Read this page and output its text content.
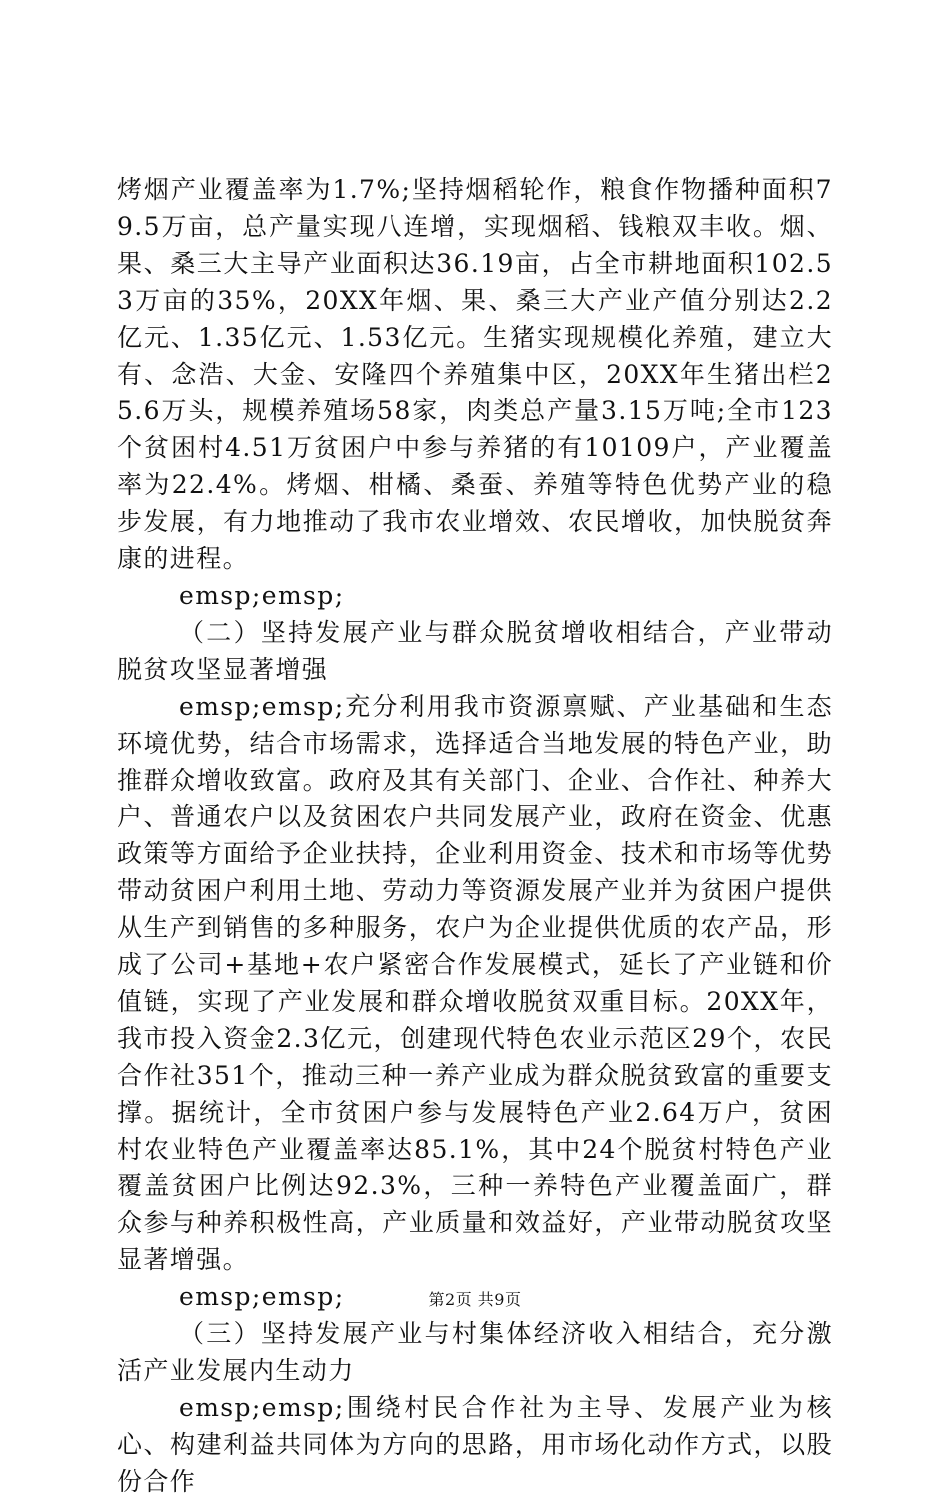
烤烟产业覆盖率为1.7%;坚持烟稻轮作，粮食作物播种面积79.5万亩，总产量实现八连增，实现烟稻、钱粮双丰收。烟、果、桑三大主导产业面积达36.19亩，占全市耕地面积102.53万亩的35%，20XX年烟、果、桑三大产业产值分别达2.2亿元、1.35亿元、1.53亿元。生猪实现规模化养殖，建立大有、念浩、大金、安隆四个养殖集中区，20XX年生猪出栏25.6万头，规模养殖场58家，肉类总产量3.15万吨;全市123个贫困村4.51万贫困户中参与养猪的有10109户，产业覆盖率为22.4%。烤烟、柑橘、桑蚕、养殖等特色优势产业的稳步发展，有力地推动了我市农业增效、农民增收，加快脱贫奔康的进程。

emsp;emsp;

（二）坚持发展产业与群众脱贫增收相结合，产业带动脱贫攻坚显著增强

emsp;emsp;充分利用我市资源禀赋、产业基础和生态环境优势，结合市场需求，选择适合当地发展的特色产业，助推群众增收致富。政府及其有关部门、企业、合作社、种养大户、普通农户以及贫困农户共同发展产业，政府在资金、优惠政策等方面给予企业扶持，企业利用资金、技术和市场等优势带动贫困户利用土地、劳动力等资源发展产业并为贫困户提供从生产到销售的多种服务，农户为企业提供优质的农产品，形成了公司+基地+农户紧密合作发展模式，延长了产业链和价值链，实现了产业发展和群众增收脱贫双重目标。20XX年，我市投入资金2.3亿元，创建现代特色农业示范区29个，农民合作社351个，推动三种一养产业成为群众脱贫致富的重要支撑。据统计，全市贫困户参与发展特色产业2.64万户，贫困村农业特色产业覆盖率达85.1%，其中24个脱贫村特色产业覆盖贫困户比例达92.3%，三种一养特色产业覆盖面广，群众参与种养积极性高，产业质量和效益好，产业带动脱贫攻坚显著增强。

emsp;emsp;

（三）坚持发展产业与村集体经济收入相结合，充分激活产业发展内生动力

emsp;emsp;围绕村民合作社为主导、发展产业为核心、构建利益共同体为方向的思路，用市场化动作方式，以股份合作

第2页 共9页
